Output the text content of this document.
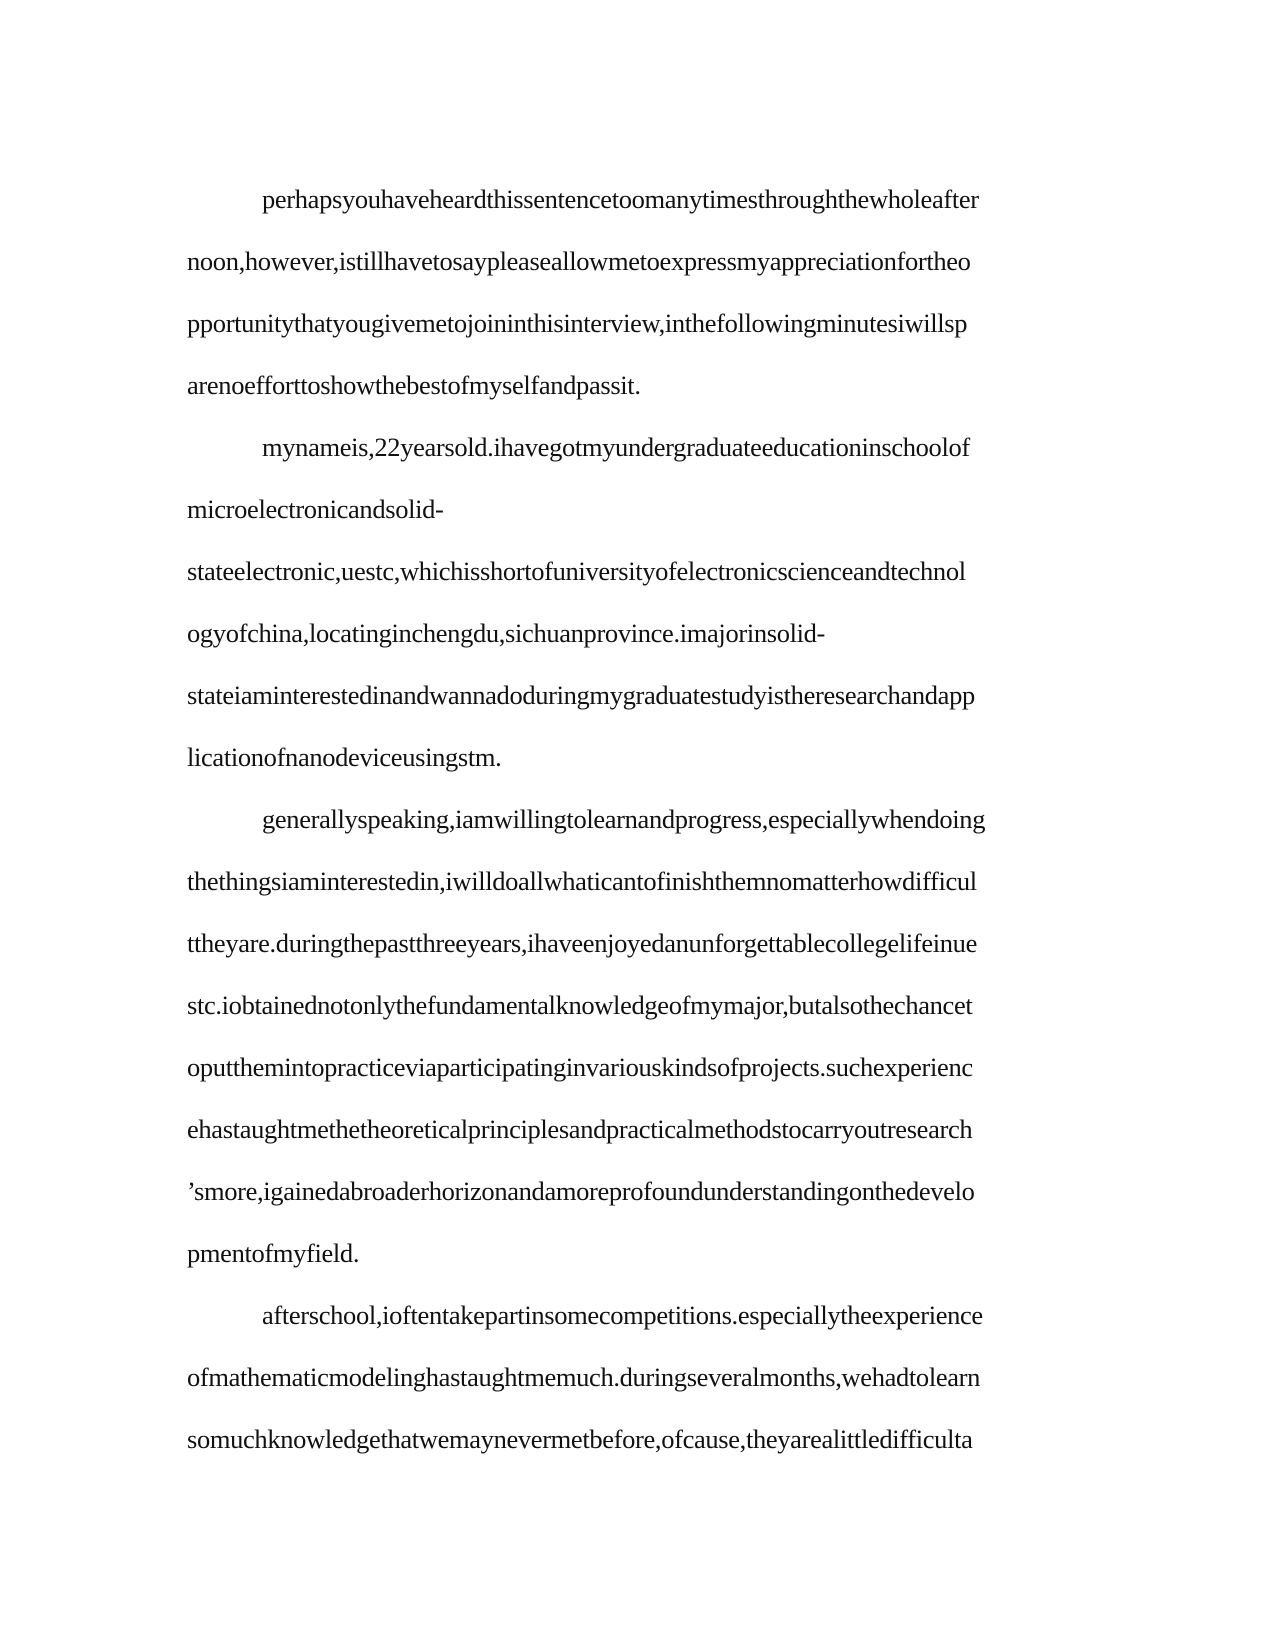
perhapsyouhaveheardthissentencetoomanytimesthroughthewholeafter
noon,however,istillhavetosaypleaseallowmetoexpressmyappreciationfortheo
pportunitythatyougivemetojoininthisinterview,inthefollowingminutesiwillsp
arenoefforttoshowthebestofmyselfandpassit.
mynameis,22yearsold.ihavegotmyundergraduateeducationinschoolof
microelectronicandsolid-
stateelectronic,uestc,whichisshortofuniversityofelectronicscienceandtechnol
ogyofchina,locatinginchengdu,sichuanprovince.imajorinsolid-
stateiaminterestedinandwannadoduringmygraduatestudyistheresearchandapp
licationofnanodeviceusingstm.
generallyspeaking,iamwillingtolearnandprogress,especiallywhendoing
thethingsiaminterestedin,iwilldoallwhaticantofinishthemnomatterhowdifficul
ttheyare.duringthepastthreeyears,ihaveenjoyedanunforgettablecollegelifeinue
stc.iobtainednotonlythefundamentalknowledgeofmymajor,butalsothechancet
oputthemintopracticeviaparticipatinginvariouskindsofprojects.suchexperienc
ehastaughtmethetheoreticalprinciplesandpracticalmethodstocarryoutresearch
’smore,igainedabroaderhorizonandamoreprofoundunderstandingonthedevelo
pmentofmyfield.
afterschool,ioftentakepartinsomecompetitions.especiallytheexperience
ofmathematicmodelinghastaughtmemuch.duringseveralmonths,wehadtolearn
somuchknowledgethatwemaynevermetbefore,ofcause,theyarealittledifficulta
